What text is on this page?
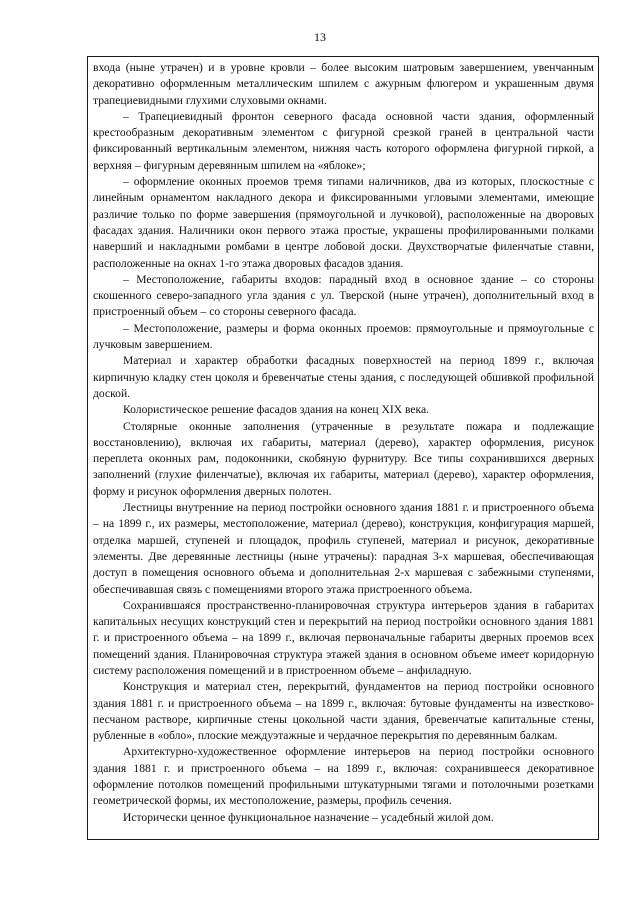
13

входа (ныне утрачен) и в уровне кровли – более высоким шатровым завершением, увенчанным декоративно оформленным металлическим шпилем с ажурным флюгером и украшенным двумя трапециевидными глухими слуховыми окнами.

– Трапециевидный фронтон северного фасада основной части здания, оформленный крестообразным декоративным элементом с фигурной срезкой граней в центральной части фиксированный вертикальным элементом, нижняя часть которого оформлена фигурной гиркой, а верхняя – фигурным деревянным шпилем на «яблоке»;

– оформление оконных проемов тремя типами наличников, два из которых, плоскостные с линейным орнаментом накладного декора и фиксированными угловыми элементами, имеющие различие только по форме завершения (прямоугольной и лучковой), расположенные на дворовых фасадах здания. Наличники окон первого этажа простые, украшены профилированными полками наверший и накладными ромбами в центре лобовой доски. Двухстворчатые филенчатые ставни, расположенные на окнах 1-го этажа дворовых фасадов здания.

– Местоположение, габариты входов: парадный вход в основное здание – со стороны скошенного северо-западного угла здания с ул. Тверской (ныне утрачен), дополнительный вход в пристроенный объем – со стороны северного фасада.

– Местоположение, размеры и форма оконных проемов: прямоугольные и прямоугольные с лучковым завершением.

Материал и характер обработки фасадных поверхностей на период 1899 г., включая кирпичную кладку стен цоколя и бревенчатые стены здания, с последующей обшивкой профильной доской.

Колористическое решение фасадов здания на конец XIX века.

Столярные оконные заполнения (утраченные в результате пожара и подлежащие восстановлению), включая их габариты, материал (дерево), характер оформления, рисунок переплета оконных рам, подоконники, скобяную фурнитуру. Все типы сохранившихся дверных заполнений (глухие филенчатые), включая их габариты, материал (дерево), характер оформления, форму и рисунок оформления дверных полотен.

Лестницы внутренние на период постройки основного здания 1881 г. и пристроенного объема – на 1899 г., их размеры, местоположение, материал (дерево), конструкция, конфигурация маршей, отделка маршей, ступеней и площадок, профиль ступеней, материал и рисунок, декоративные элементы. Две деревянные лестницы (ныне утрачены): парадная 3-х маршевая, обеспечивающая доступ в помещения основного объема и дополнительная 2-х маршевая с забежными ступенями, обеспечивавшая связь с помещениями второго этажа пристроенного объема.

Сохранившаяся пространственно-планировочная структура интерьеров здания в габаритах капитальных несущих конструкций стен и перекрытий на период постройки основного здания 1881 г. и пристроенного объема – на 1899 г., включая первоначальные габариты дверных проемов всех помещений здания. Планировочная структура этажей здания в основном объеме имеет коридорную систему расположения помещений и в пристроенном объеме – анфиладную.

Конструкция и материал стен, перекрытий, фундаментов на период постройки основного здания 1881 г. и пристроенного объема – на 1899 г., включая: бутовые фундаменты на известково-песчаном растворе, кирпичные стены цокольной части здания, бревенчатые капитальные стены, рубленные в «обло», плоские междуэтажные и чердачное перекрытия по деревянным балкам.

Архитектурно-художественное оформление интерьеров на период постройки основного здания 1881 г. и пристроенного объема – на 1899 г., включая: сохранившееся декоративное оформление потолков помещений профильными штукатурными тягами и потолочными розетками геометрической формы, их местоположение, размеры, профиль сечения.

Исторически ценное функциональное назначение – усадебный жилой дом.
